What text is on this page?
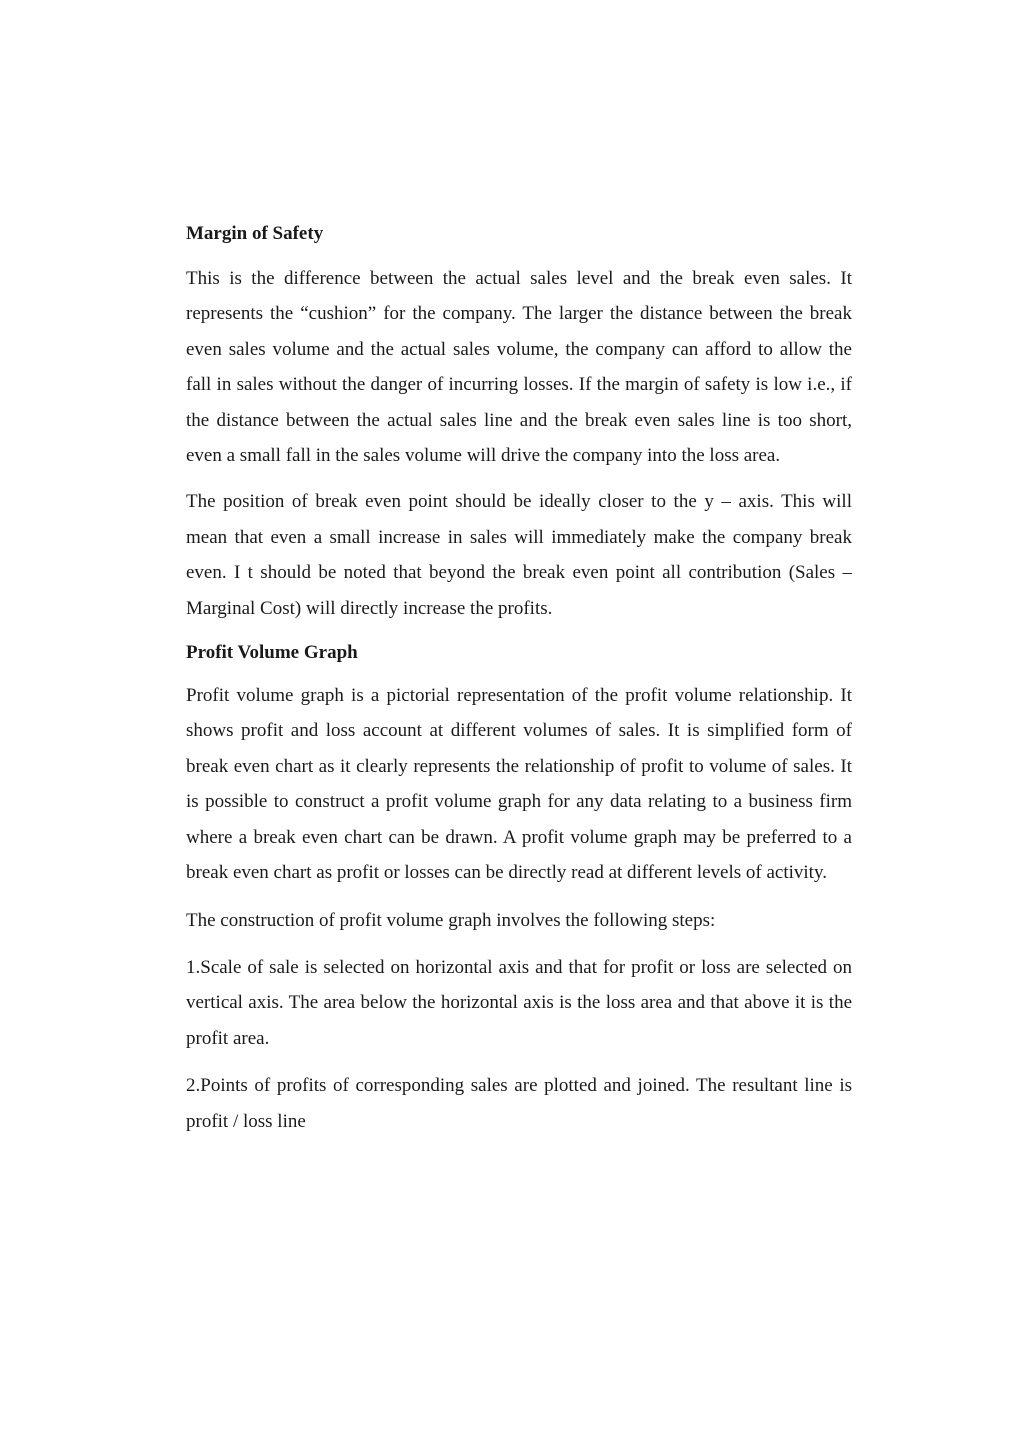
Margin of Safety

This is the difference between the actual sales level and the break even sales. It represents the “cushion” for the company. The larger the distance between the break even sales volume and the actual sales volume, the company can afford to allow the fall in sales without the danger of incurring losses. If the margin of safety is low i.e., if the distance between the actual sales line and the break even sales line is too short, even a small fall in the sales volume will drive the company into the loss area.

The position of break even point should be ideally closer to the y – axis. This will mean that even a small increase in sales will immediately make the company break even. I t should be noted that beyond the break even point all contribution (Sales – Marginal Cost) will directly increase the profits.

Profit Volume Graph

Profit volume graph is a pictorial representation of the profit volume relationship. It shows profit and loss account at different volumes of sales. It is simplified form of break even chart as it clearly represents the relationship of profit to volume of sales. It is possible to construct a profit volume graph for any data relating to a business firm where a break even chart can be drawn. A profit volume graph may be preferred to a break even chart as profit or losses can be directly read at different levels of activity.

The construction of profit volume graph involves the following steps:

1.Scale of sale is selected on horizontal axis and that for profit or loss are selected on vertical axis. The area below the horizontal axis is the loss area and that above it is the profit area.

2.Points of profits of corresponding sales are plotted and joined. The resultant line is profit / loss line
